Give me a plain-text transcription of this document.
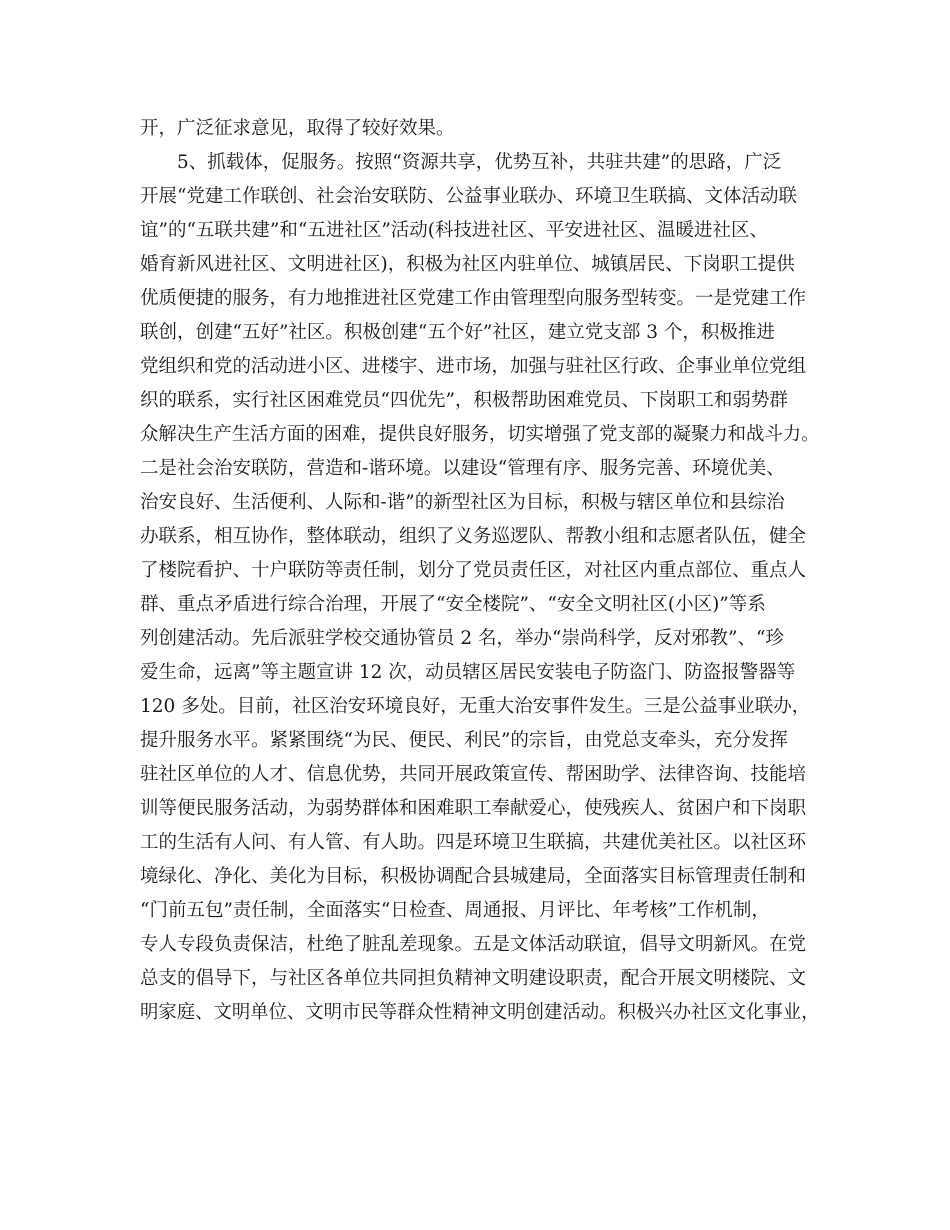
开，广泛征求意见，取得了较好效果。
　　5、抓载体，促服务。按照“资源共享，优势互补，共驻共建”的思路，广泛
开展“党建工作联创、社会治安联防、公益事业联办、环境卫生联搞、文体活动联
谊”的“五联共建”和“五进社区”活动(科技进社区、平安进社区、温暖进社区、
婚育新风进社区、文明进社区)，积极为社区内驻单位、城镇居民、下岗职工提供
优质便捷的服务，有力地推进社区党建工作由管理型向服务型转变。一是党建工作
联创，创建“五好”社区。积极创建“五个好”社区，建立党支部 3 个，积极推进
党组织和党的活动进小区、进楼宇、进市场，加强与驻社区行政、企事业单位党组
织的联系，实行社区困难党员“四优先”，积极帮助困难党员、下岗职工和弱势群
众解决生产生活方面的困难，提供良好服务，切实增强了党支部的凝聚力和战斗力。
二是社会治安联防，营造和-谐环境。以建设“管理有序、服务完善、环境优美、
治安良好、生活便利、人际和-谐”的新型社区为目标，积极与辖区单位和县综治
办联系，相互协作，整体联动，组织了义务巡逻队、帮教小组和志愿者队伍，健全
了楼院看护、十户联防等责任制，划分了党员责任区，对社区内重点部位、重点人
群、重点矛盾进行综合治理，开展了“安全楼院”、“安全文明社区(小区)”等系
列创建活动。先后派驻学校交通协管员 2 名，举办“崇尚科学，反对邪教”、“珍
爱生命，远离”等主题宣讲 12 次，动员辖区居民安装电子防盗门、防盗报警器等
120 多处。目前，社区治安环境良好，无重大治安事件发生。三是公益事业联办，
提升服务水平。紧紧围绕“为民、便民、利民”的宗旨，由党总支牵头，充分发挥
驻社区单位的人才、信息优势，共同开展政策宣传、帮困助学、法律咨询、技能培
训等便民服务活动，为弱势群体和困难职工奉献爱心，使残疾人、贫困户和下岗职
工的生活有人问、有人管、有人助。四是环境卫生联搞，共建优美社区。以社区环
境绿化、净化、美化为目标，积极协调配合县城建局，全面落实目标管理责任制和
“门前五包”责任制，全面落实“日检查、周通报、月评比、年考核”工作机制，
专人专段负责保洁，杜绝了脏乱差现象。五是文体活动联谊，倡导文明新风。在党
总支的倡导下，与社区各单位共同担负精神文明建设职责，配合开展文明楼院、文
明家庭、文明单位、文明市民等群众性精神文明创建活动。积极兴办社区文化事业，
